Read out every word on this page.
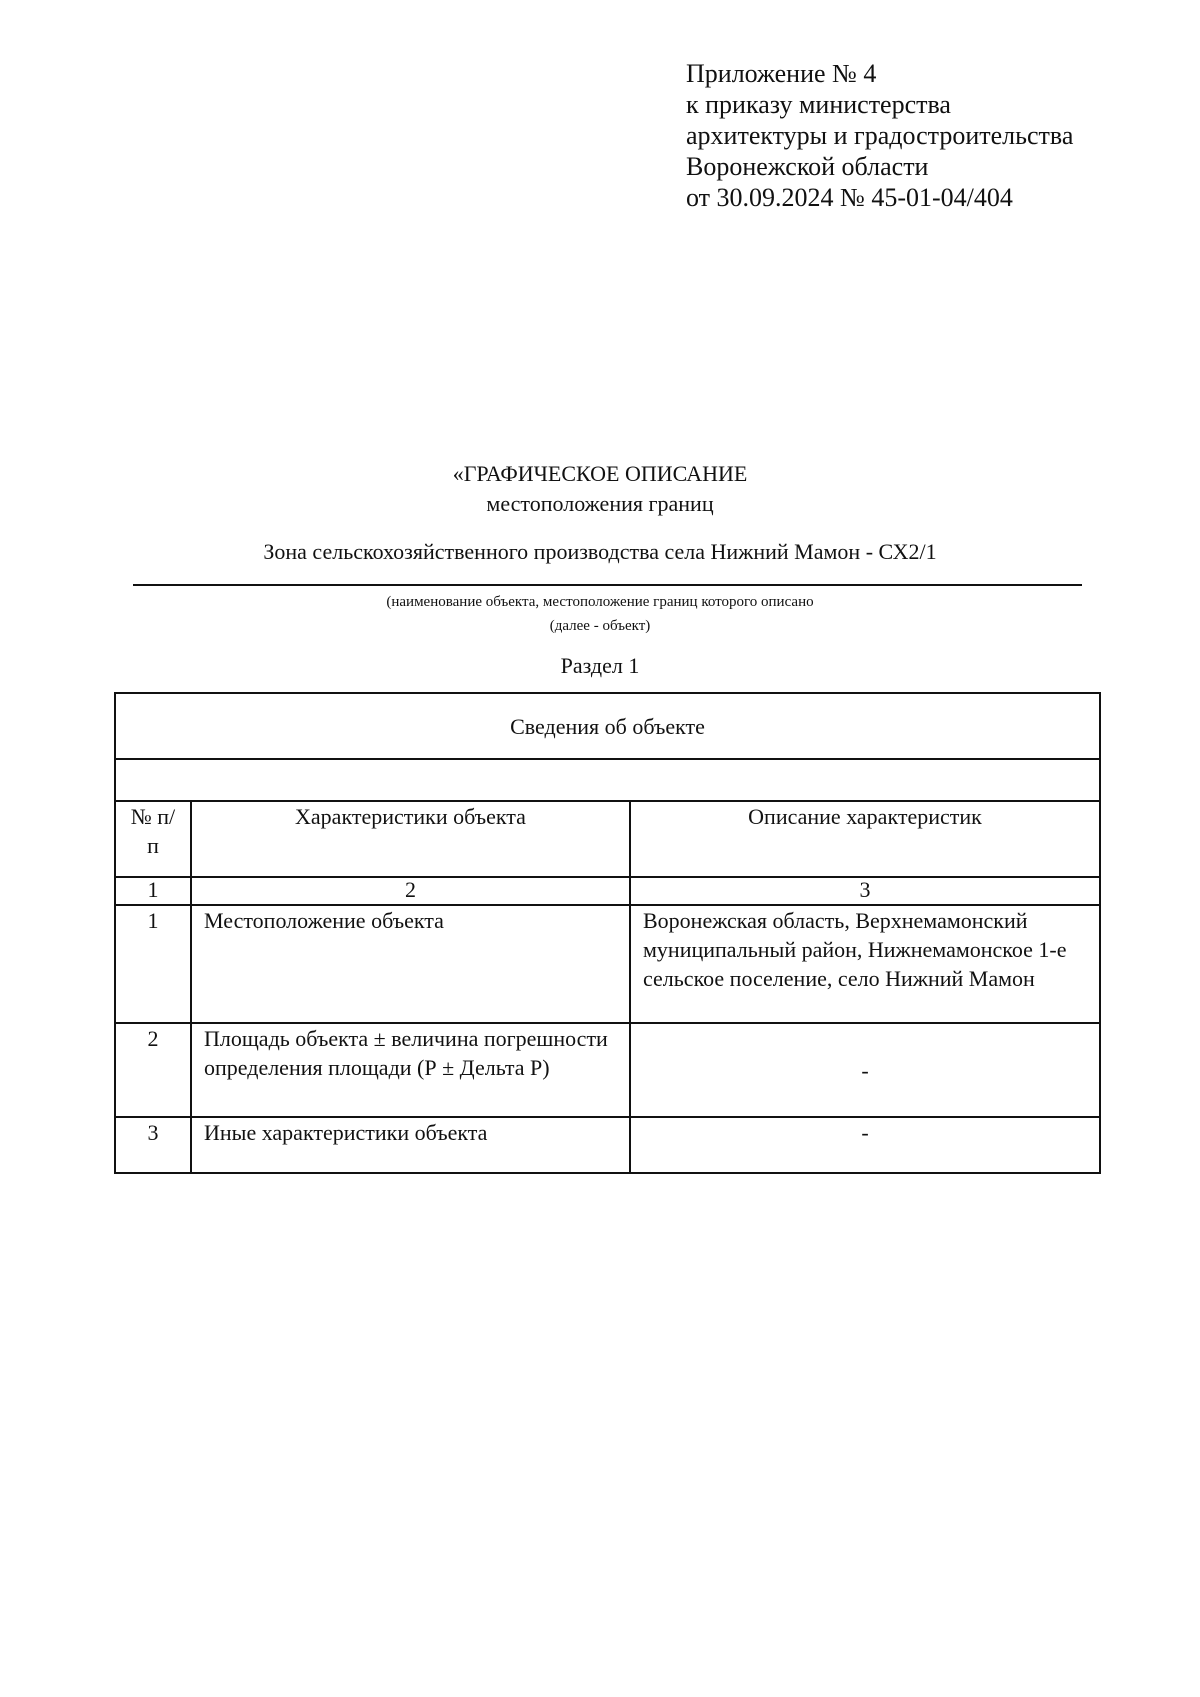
Приложение № 4
к приказу министерства
архитектуры и градостроительства
Воронежской области
от 30.09.2024 № 45-01-04/404
«ГРАФИЧЕСКОЕ ОПИСАНИЕ
местоположения границ
Зона сельскохозяйственного производства села Нижний Мамон - СХ2/1
(наименование объекта, местоположение границ которого описано
(далее - объект)
Раздел 1
Сведения об объекте		

№ п/п	Характеристики объекта	Описание характеристик
1	2	3
1	Местоположение объекта	Воронежская область, Верхнемамонский муниципальный район, Нижнемамонское 1-е сельское поселение, село Нижний Мамон
2	Площадь объекта ± величина погрешности определения площади (Р ± Дельта Р)	-
3	Иные характеристики объекта	-
